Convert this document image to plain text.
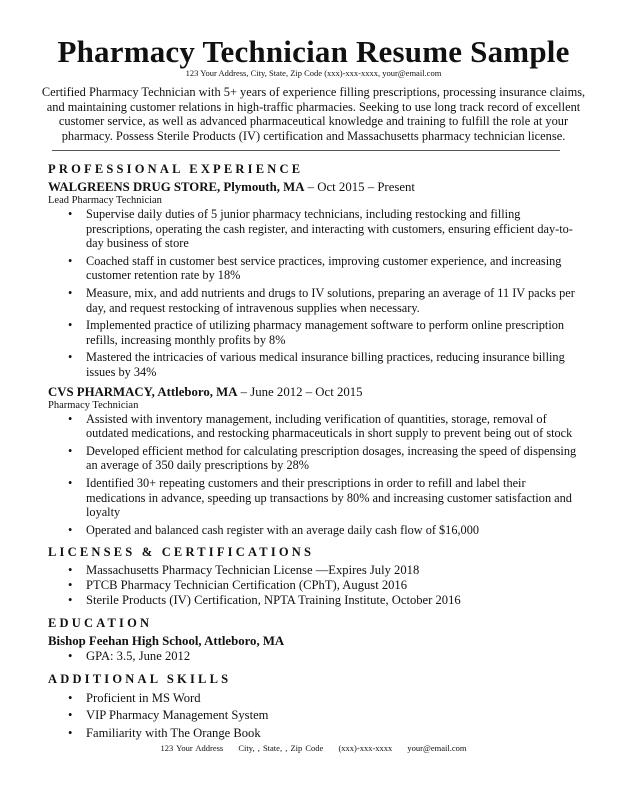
Pharmacy Technician Resume Sample
123 Your Address, City, State, Zip Code (xxx)-xxx-xxxx, your@email.com
Certified Pharmacy Technician with 5+ years of experience filling prescriptions, processing insurance claims, and maintaining customer relations in high-traffic pharmacies. Seeking to use long track record of excellent customer service, as well as advanced pharmaceutical knowledge and training to fulfill the role at your pharmacy. Possess Sterile Products (IV) certification and Massachusetts pharmacy technician license.
PROFESSIONAL EXPERIENCE
WALGREENS DRUG STORE, Plymouth, MA – Oct 2015 – Present
Lead Pharmacy Technician
• Supervise daily duties of 5 junior pharmacy technicians, including restocking and filling prescriptions, operating the cash register, and interacting with customers, ensuring efficient day-to-day business of store
• Coached staff in customer best service practices, improving customer experience, and increasing customer retention rate by 18%
• Measure, mix, and add nutrients and drugs to IV solutions, preparing an average of 11 IV packs per day, and request restocking of intravenous supplies when necessary.
• Implemented practice of utilizing pharmacy management software to perform online prescription refills, increasing monthly profits by 8%
• Mastered the intricacies of various medical insurance billing practices, reducing insurance billing issues by 34%
CVS PHARMACY, Attleboro, MA – June 2012 – Oct 2015
Pharmacy Technician
• Assisted with inventory management, including verification of quantities, storage, removal of outdated medications, and restocking pharmaceuticals in short supply to prevent being out of stock
• Developed efficient method for calculating prescription dosages, increasing the speed of dispensing an average of 350 daily prescriptions by 28%
• Identified 30+ repeating customers and their prescriptions in order to refill and label their medications in advance, speeding up transactions by 80% and increasing customer satisfaction and loyalty
• Operated and balanced cash register with an average daily cash flow of $16,000
LICENSES & CERTIFICATIONS
• Massachusetts Pharmacy Technician License —Expires July 2018
• PTCB Pharmacy Technician Certification (CPhT), August 2016
• Sterile Products (IV) Certification, NPTA Training Institute, October 2016
EDUCATION
Bishop Feehan High School, Attleboro, MA
• GPA: 3.5, June 2012
ADDITIONAL SKILLS
• Proficient in MS Word
• VIP Pharmacy Management System
• Familiarity with The Orange Book
123 Your Address City, , State, , Zip Code (xxx)-xxx-xxxx your@email.com
